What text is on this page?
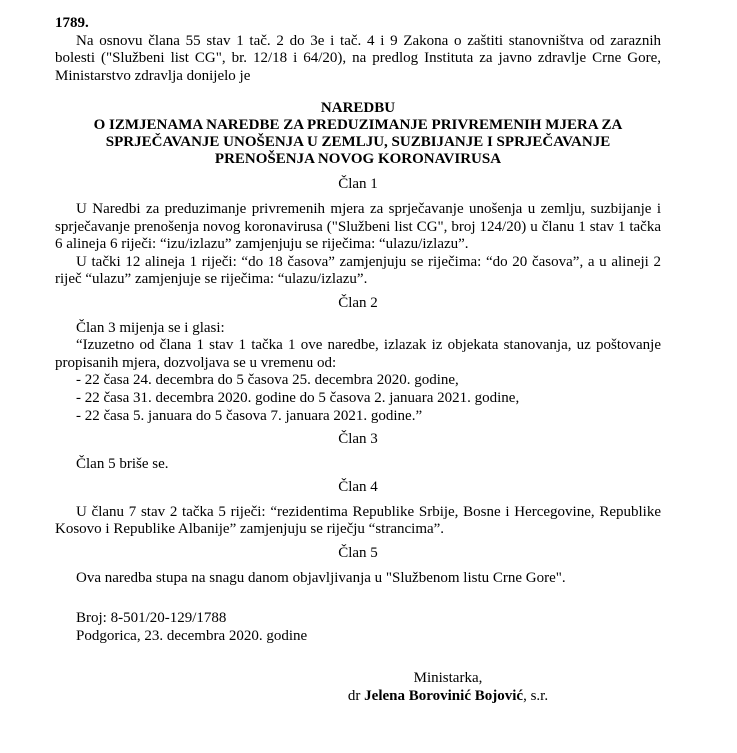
1789.
Na osnovu člana 55 stav 1 tač. 2 do 3e i tač. 4 i 9 Zakona o zaštiti stanovništva od zaraznih bolesti ("Službeni list CG", br. 12/18 i 64/20), na predlog Instituta za javno zdravlje Crne Gore, Ministarstvo zdravlja donijelo je
NAREDBU
O IZMJENAMA NAREDBE ZA PREDUZIMANJE PRIVREMENIH MJERA ZA
SPRJEČAVANJE UNOŠENJA U ZEMLJU, SUZBIJANJE I SPRJEČAVANJE
PRENOŠENJA NOVOG KORONAVIRUSA
Član 1
U Naredbi za preduzimanje privremenih mjera za sprječavanje unošenja u zemlju, suzbijanje i sprječavanje prenošenja novog koronavirusa ("Službeni list CG", broj 124/20) u članu 1 stav 1 tačka 6 alineja 6 riječi: “izu/izlazu” zamjenjuju se riječima: “ulazu/izlazu”.
U tački 12 alineja 1 riječi: “do 18 časova” zamjenjuju se riječima: “do 20 časova”, a u alineji 2 riječ “ulazu” zamjenjuje se riječima: “ulazu/izlazu”.
Član 2
Član 3 mijenja se i glasi:
“Izuzetno od člana 1 stav 1 tačka 1 ove naredbe, izlazak iz objekata stanovanja, uz poštovanje propisanih mjera, dozvoljava se u vremenu od:
- 22 časa 24. decembra do 5 časova 25. decembra 2020. godine,
- 22 časa 31. decembra 2020. godine do 5 časova 2. januara 2021. godine,
- 22 časa 5. januara do 5 časova 7. januara 2021. godine.”
Član 3
Član 5 briše se.
Član 4
U članu 7 stav 2 tačka 5 riječi: “rezidentima Republike Srbije, Bosne i Hercegovine, Republike Kosovo i Republike Albanije” zamjenjuju se riječju “strancima”.
Član 5
Ova naredba stupa na snagu danom objavljivanja u "Službenom listu Crne Gore".
Broj: 8-501/20-129/1788
Podgorica, 23. decembra 2020. godine
Ministarka,
dr Jelena Borovinić Bojović, s.r.
